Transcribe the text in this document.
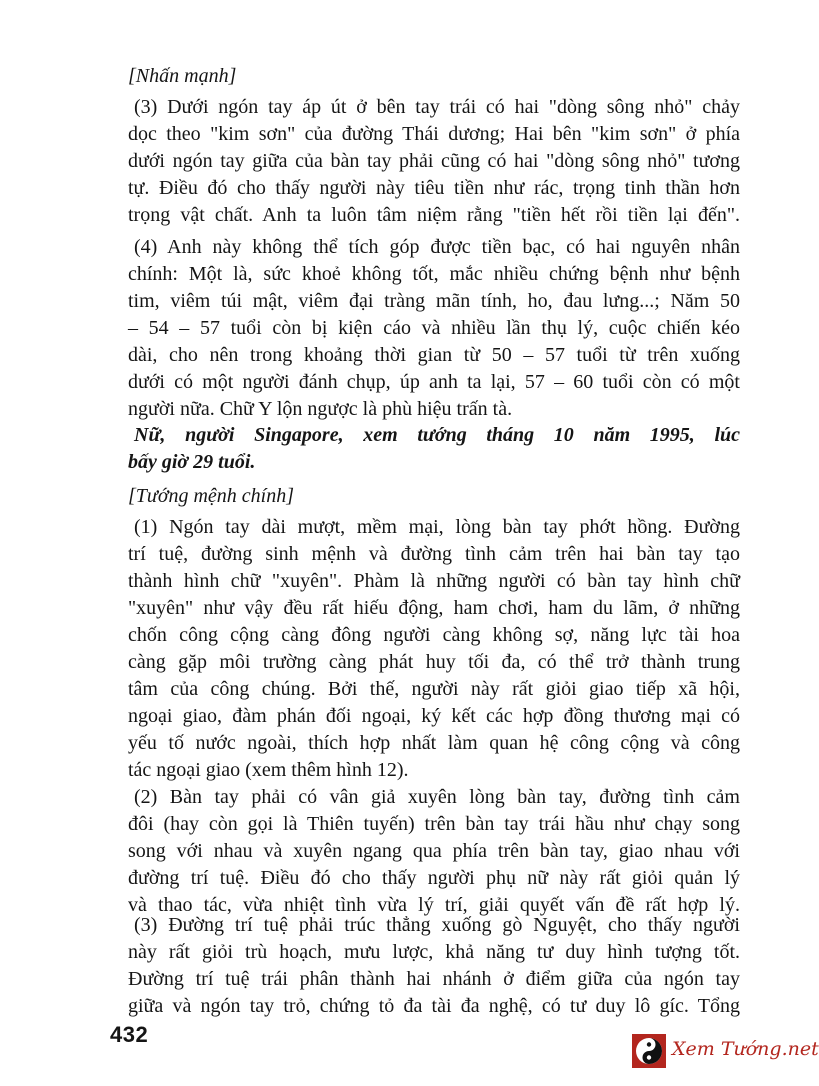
[Nhấn mạnh]
(3) Dưới ngón tay áp út ở bên tay trái có hai "dòng sông nhỏ" chảy
dọc theo "kim sơn" của đường Thái dương; Hai bên "kim sơn" ở phía
dưới ngón tay giữa của bàn tay phải cũng có hai "dòng sông nhỏ" tương
tự. Điều đó cho thấy người này tiêu tiền như rác, trọng tinh thần hơn
trọng vật chất. Anh ta luôn tâm niệm rằng "tiền hết rồi tiền lại đến".
(4) Anh này không thể tích góp được tiền bạc, có hai nguyên nhân
chính: Một là, sức khoẻ không tốt, mắc nhiều chứng bệnh như bệnh
tim, viêm túi mật, viêm đại tràng mãn tính, ho, đau lưng...; Năm 50
– 54 – 57 tuổi còn bị kiện cáo và nhiều lần thụ lý, cuộc chiến kéo
dài, cho nên trong khoảng thời gian từ 50 – 57 tuổi từ trên xuống
dưới có một người đánh chụp, úp anh ta lại, 57 – 60 tuổi còn có một
người nữa. Chữ Y lộn ngược là phù hiệu trấn tà.
Nữ, người Singapore, xem tướng tháng 10 năm 1995, lúc
bấy giờ 29 tuổi.
[Tướng mệnh chính]
(1) Ngón tay dài mượt, mềm mại, lòng bàn tay phớt hồng. Đường
trí tuệ, đường sinh mệnh và đường tình cảm trên hai bàn tay tạo
thành hình chữ "xuyên". Phàm là những người có bàn tay hình chữ
"xuyên" như vậy đều rất hiếu động, ham chơi, ham du lãm, ở những
chốn công cộng càng đông người càng không sợ, năng lực tài hoa
càng gặp môi trường càng phát huy tối đa, có thể trở thành trung
tâm của công chúng. Bởi thế, người này rất giỏi giao tiếp xã hội,
ngoại giao, đàm phán đối ngoại, ký kết các hợp đồng thương mại có
yếu tố nước ngoài, thích hợp nhất làm quan hệ công cộng và công
tác ngoại giao (xem thêm hình 12).
(2) Bàn tay phải có vân giả xuyên lòng bàn tay, đường tình cảm
đôi (hay còn gọi là Thiên tuyến) trên bàn tay trái hầu như chạy song
song với nhau và xuyên ngang qua phía trên bàn tay, giao nhau với
đường trí tuệ. Điều đó cho thấy người phụ nữ này rất giỏi quản lý
và thao tác, vừa nhiệt tình vừa lý trí, giải quyết vấn đề rất hợp lý.
(3) Đường trí tuệ phải trúc thẳng xuống gò Nguyệt, cho thấy người
này rất giỏi trù hoạch, mưu lược, khả năng tư duy hình tượng tốt.
Đường trí tuệ trái phân thành hai nhánh ở điểm giữa của ngón tay
giữa và ngón tay trỏ, chứng tỏ đa tài đa nghệ, có tư duy lô gíc. Tổng
432
Xem Tướng.net
